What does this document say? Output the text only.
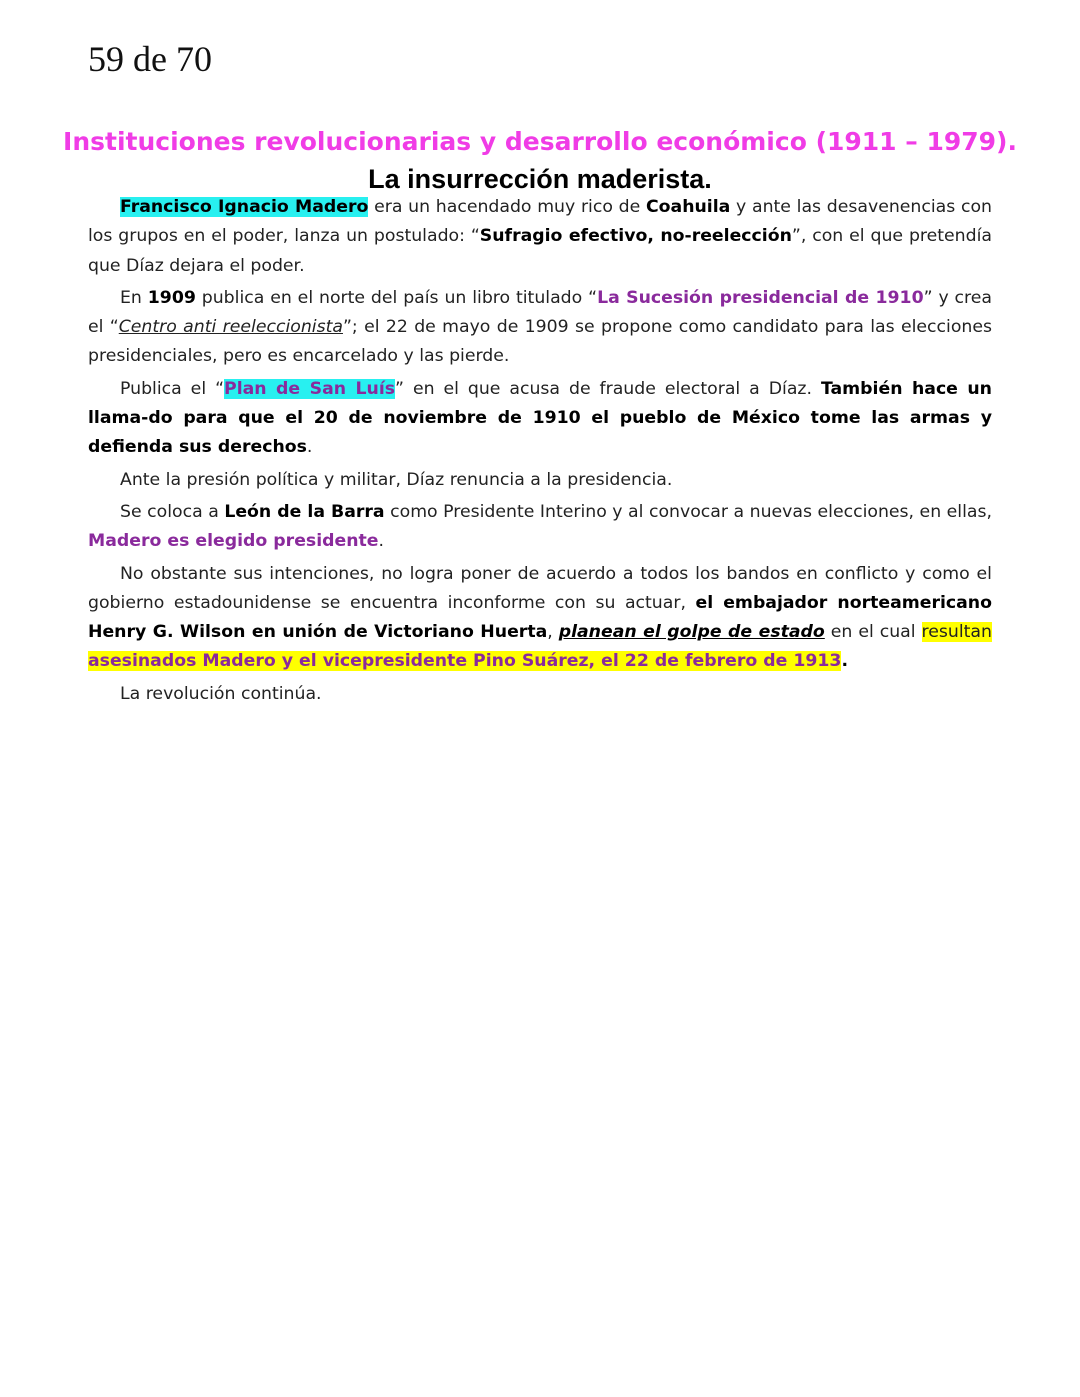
59 de 70
Instituciones revolucionarias y desarrollo económico (1911 – 1979).
La insurrección maderista.

Francisco Ignacio Madero era un hacendado muy rico de Coahuila y ante las desavenencias con los grupos en el poder, lanza un postulado: “Sufragio efectivo, no-reelección”, con el que pretendía que Díaz dejara el poder.

En 1909 publica en el norte del país un libro titulado “La Sucesión presidencial de 1910” y crea el “Centro anti reeleccionista”; el 22 de mayo de 1909 se propone como candidato para las elecciones presidenciales, pero es encarcelado y las pierde.

Publica el “Plan de San Luís” en el que acusa de fraude electoral a Díaz. También hace un llama-do para que el 20 de noviembre de 1910 el pueblo de México tome las armas y defienda sus derechos.

Ante la presión política y militar, Díaz renuncia a la presidencia.

Se coloca a León de la Barra como Presidente Interino y al convocar a nuevas elecciones, en ellas, Madero es elegido presidente.

No obstante sus intenciones, no logra poner de acuerdo a todos los bandos en conflicto y como el gobierno estadounidense se encuentra inconforme con su actuar, el embajador norteamericano Henry G. Wilson en unión de Victoriano Huerta, planean el golpe de estado en el cual resultan asesinados Madero y el vicepresidente Pino Suárez, el 22 de febrero de 1913.

La revolución continúa.
